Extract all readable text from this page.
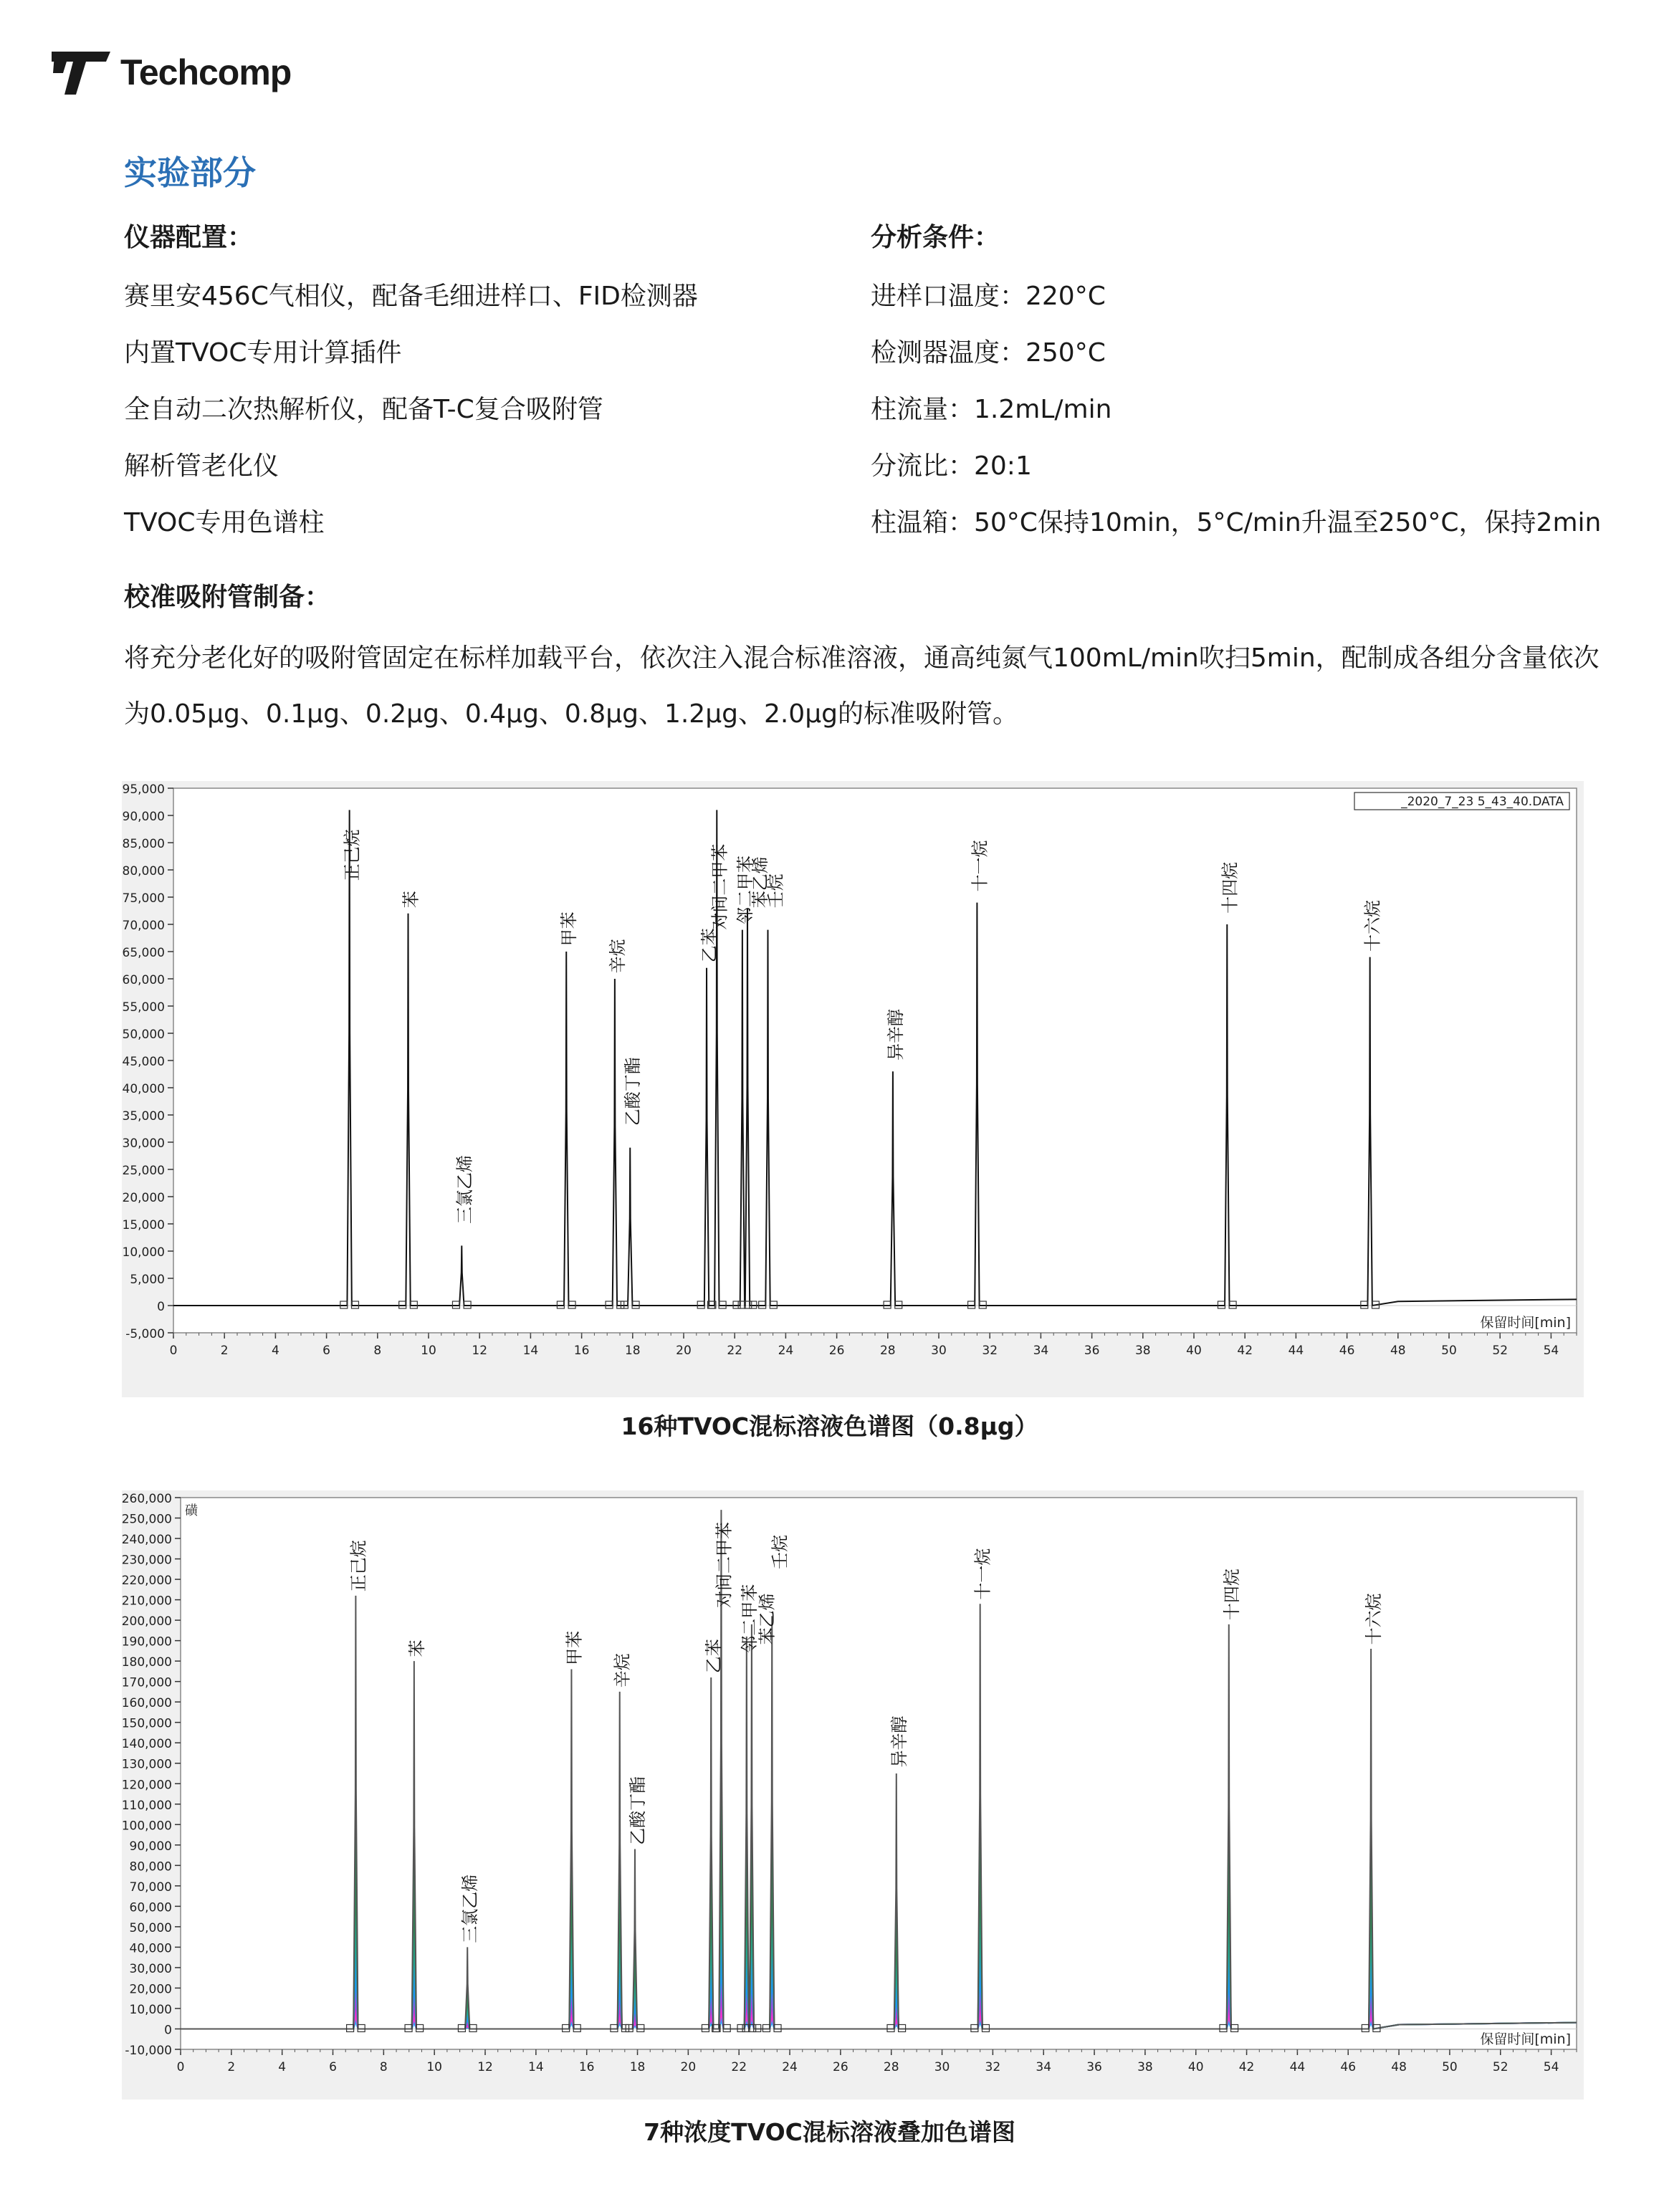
Techcomp
实验部分
仪器配置：
赛里安456C气相仪，配备毛细进样口、FID检测器
内置TVOC专用计算插件
全自动二次热解析仪，配备T-C复合吸附管
解析管老化仪
TVOC专用色谱柱
分析条件：
进样口温度：220°C
检测器温度：250°C
柱流量：1.2mL/min
分流比：20:1
柱温箱：50°C保持10min，5°C/min升温至250°C，保持2min
校准吸附管制备：
将充分老化好的吸附管固定在标样加载平台，依次注入混合标准溶液，通高纯氮气100mL/min吹扫5min，配制成各组分含量依次为0.05μg、0.1μg、0.2μg、0.4μg、0.8μg、1.2μg、2.0μg的标准吸附管。
-5,000
0
5,000
10,000
15,000
20,000
25,000
30,000
35,000
40,000
45,000
50,000
55,000
60,000
65,000
70,000
75,000
80,000
85,000
90,000
95,000
0	2	4	6	8	10	12	14	16	18	20	22	24	26	28	30	32	34	36	38	40	42	44	46	48	50	52	54
保留时间[min]
正己烷
苯
三氯乙烯
甲苯
辛烷
乙酸丁酯
乙苯
对间二甲苯 邻二甲苯
苯乙烯
壬烷
异辛醇
十一烷	十四烷
十六烷
_2020_7_23 5_43_40.DATA
16种TVOC混标溶液色谱图（0.8μg）
-10,000
0
10,000
20,000
30,000
40,000
50,000
60,000
70,000
80,000
90,000
100,000
110,000
120,000
130,000
140,000
150,000
160,000
170,000
180,000
190,000
200,000
210,000
220,000
230,000
240,000
250,000
260,000
0	2	4	6	8	10	12	14	16	18	20	22	24	26	28	30	32	34	36	38	40	42	44	46	48	50	52	54
保留时间[min]
正己烷
苯
三氯乙烯
甲苯
辛烷
乙酸丁酯
乙苯
对间二甲苯
邻二甲苯
苯乙烯
壬烷
异辛醇
十一烷	十四烷	十六烷
磺
7种浓度TVOC混标溶液叠加色谱图
